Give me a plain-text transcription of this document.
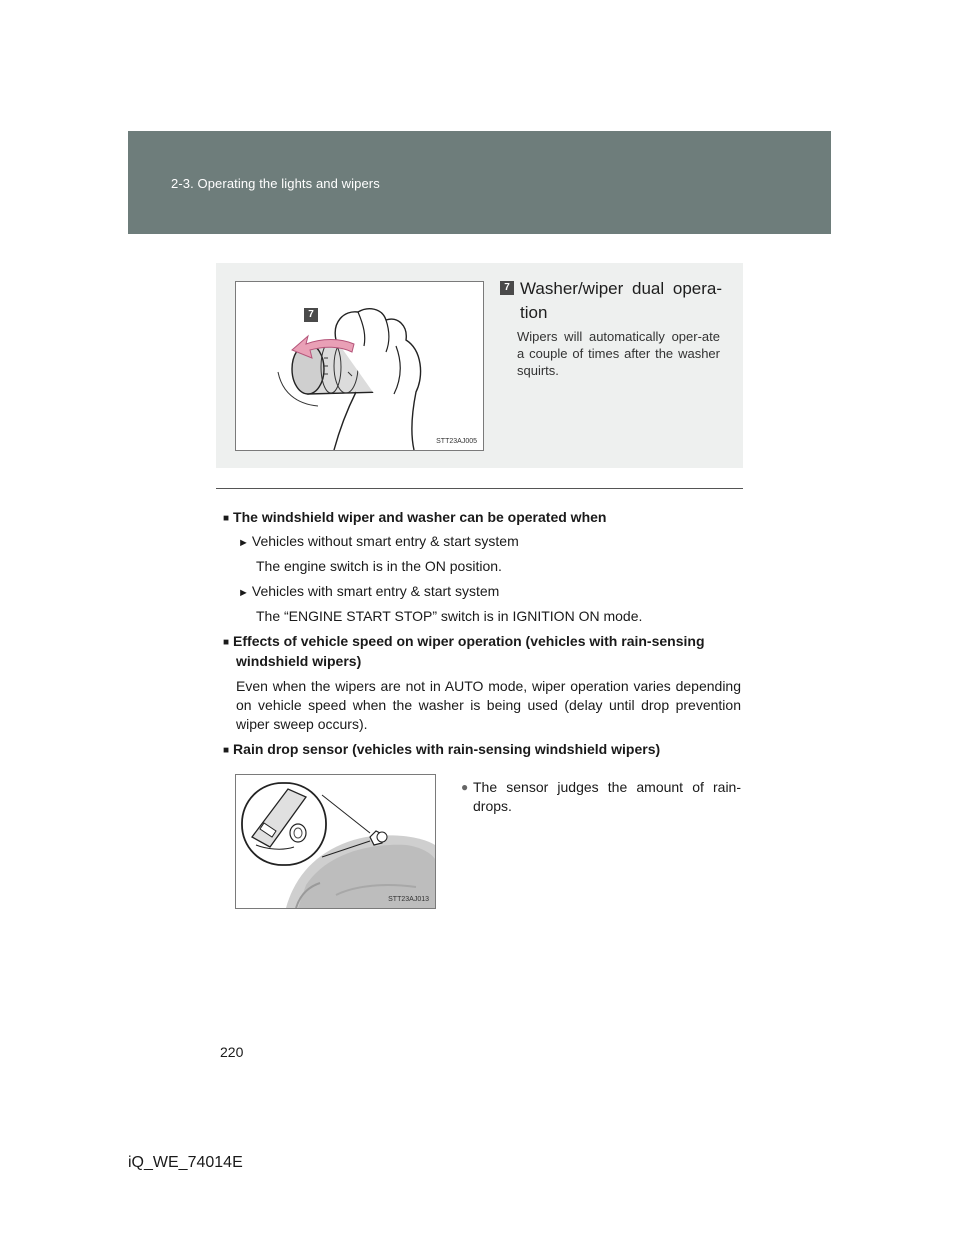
2-3. Operating the lights and wipers
7
STT23AJ005
7 Washer/wiper dual opera-
tion
Wipers will automatically oper-ate a couple of times after the washer squirts.
■ The windshield wiper and washer can be operated when
► Vehicles without smart entry & start system
The engine switch is in the ON position.
► Vehicles with smart entry & start system
The “ENGINE START STOP” switch is in IGNITION ON mode.
■ Effects of vehicle speed on wiper operation (vehicles with rain-sensing
windshield wipers)
Even when the wipers are not in AUTO mode, wiper operation varies depending on vehicle speed when the washer is being used (delay until drop prevention wiper sweep occurs).
■ Rain drop sensor (vehicles with rain-sensing windshield wipers)
STT23AJ013
● The sensor judges the amount of rain-
drops.
220
iQ_WE_74014E
